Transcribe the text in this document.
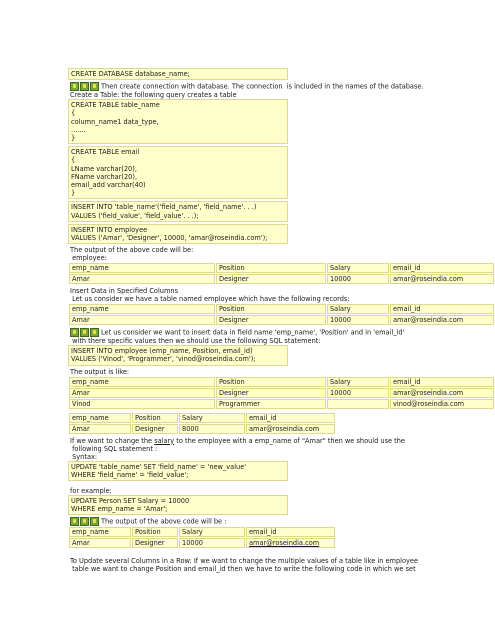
CREATE DATABASE database_name;
Then create connection with database. The connection  is included in the names of the database.
Create a Table: the following query creates a table
CREATE TABLE table_name
{
column_name1 data_type,
.......
}
CREATE TABLE email
{
LName varchar(20),
FName varchar(20),
email_add varchar(40)
}
INSERT INTO 'table_name'('field_name', 'field_name'. . .)
VALUES ('field_value', 'field_value'. . .);
INSERT INTO employee
VALUES ('Amar', 'Designer', 10000, 'amar@roseindia.com');
The output of the above code will be:
employee:
emp_name	Position	Salary	email_id
Amar	Designer	10000	amar@roseindia.com
Insert Data in Specified Columns
Let us consider we have a table named employee which have the following records:
emp_name	Position	Salary	email_id
Amar	Designer	10000	amar@roseindia.com
Let us consider we want to insert data in field name 'emp_name', 'Position' and in 'email_id'
with there specific values then we should use the following SQL statement:
INSERT INTO employee (emp_name, Position, email_id)
VALUES ('Vinod', 'Programmer', 'vinod@roseindia.com');
The output is like:
emp_name	Position	Salary	email_id
Amar	Designer	10000	amar@roseindia.com
Vinod	Programmer		vinod@roseindia.com
emp_name	Position	Salary	email_id
Amar	Designer	8000	amar@roseindia.com
If we want to change the salary to the employee with a emp_name of "Amar" then we should use the
following SQL statement :
Syntax:
UPDATE 'table_name' SET 'field_name' = 'new_value'
WHERE 'field_name' = 'field_value';
for example:
UPDATE Person SET Salary = 10000
WHERE emp_name = 'Amar';
The output of the above code will be :
emp_name	Position	Salary	email_id
Amar	Designer	10000	amar@roseindia.com
To Update several Columns in a Row: If we want to change the multiple values of a table like in employee
table we want to change Position and email_id then we have to write the following code in which we set
